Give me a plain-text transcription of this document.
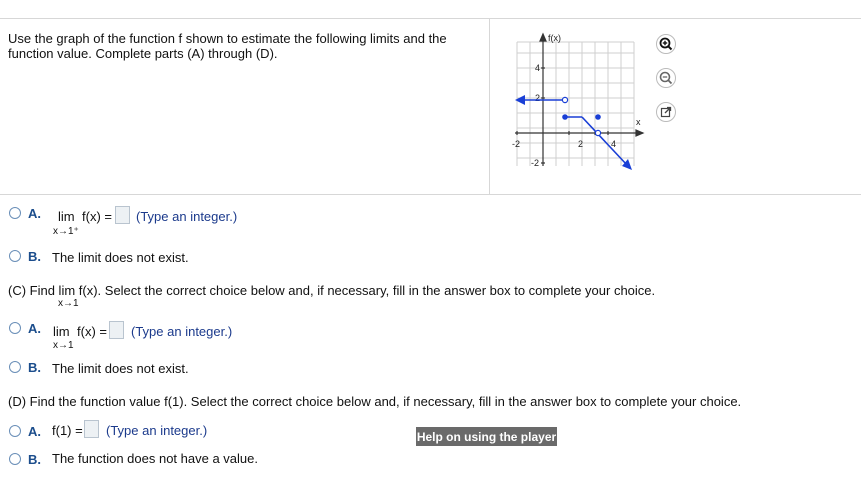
Use the graph of the function f shown to estimate the following limits and the function value. Complete parts (A) through (D).
f(x)
x
-2	2	4
4
2
-2
A. lim f(x) =
x→1⁺
(Type an integer.)
B. The limit does not exist.
(C) Find lim f(x). Select the correct choice below and, if necessary, fill in the answer box to complete your choice.
x→1
A. lim f(x) =
x→1
(Type an integer.)
B. The limit does not exist.
(D) Find the function value f(1). Select the correct choice below and, if necessary, fill in the answer box to complete your choice.
A. f(1) = (Type an integer.)
B. The function does not have a value.
Help on using the player
